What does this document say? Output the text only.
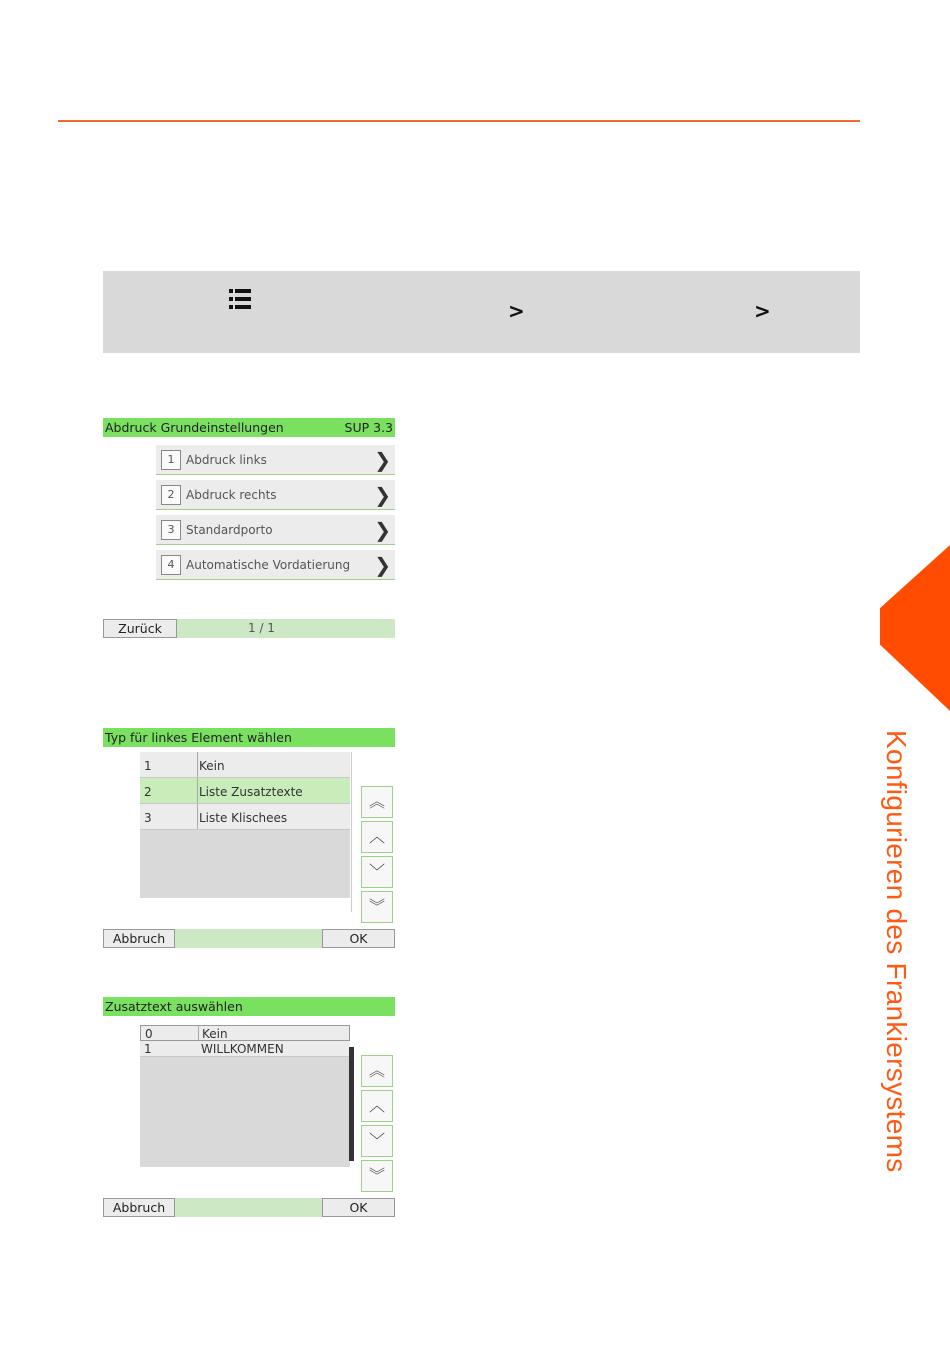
>	>
Abdruck Grundeinstellungen	SUP 3.3
1 Abdruck links	❯
2 Abdruck rechts	❯
3 Standardporto	❯
4 Automatische Vordatierung ❯
Zurück	1 / 1
Typ für linkes Element wählen
1	Kein
2	Liste Zusatztexte
3	Liste Klischees
︽
︿
﹀
︾
Abbruch	OK
Zusatztext auswählen
0	Kein
1	WILLKOMMEN
︽
︿
﹀
︾
Abbruch	OK
Konfigurieren des Frankiersystems
